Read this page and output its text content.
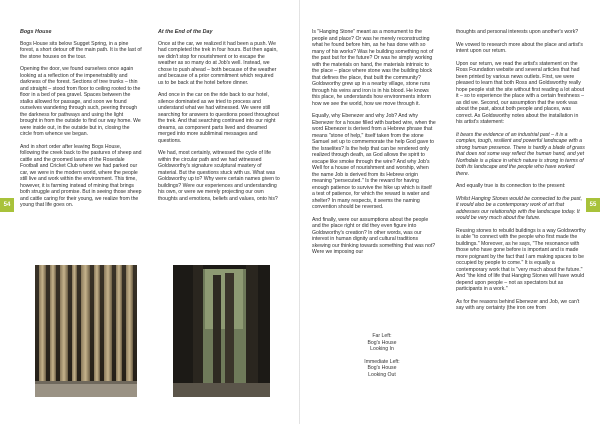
Bogs House

Bogs House sits below Sugget Spring, in a pine forest, a short detour off the main path. It is the last of the stone houses on the tour.

Opening the door, we found ourselves once again looking at a reflection of the impenetrability and darkness of the forest. Sections of tree trunks – thin and straight – stood from floor to ceiling rooted to the floor in a bed of pea gravel. Spaces between the stalks allowed for passage, and soon we found ourselves wandering through such, peering through the darkness for pathways and using the light brought in from the outside to find our way home. We were inside out, in the outside but in, closing the circle from whence we began.

And in short order after leaving Bogs House, following the creek back to the pastures of sheep and cattle and the groomed lawns of the Rosedale Football and Cricket Club where we had parked our car, we were in the modern world, where the people still live and work within the environment. This time, however, it is farming instead of mining that brings both struggle and promise. But in seeing those sheep and cattle caring for their young, we realize from the young that life goes on.

At the End of the Day

Once at the car, we realized it had been a push. We had completed the trek in four hours. But then again, we didn't stop for nourishment or to escape the weather as so many do at Job's well. Instead, we chose to push ahead – both because of the weather and because of a prior commitment which required us to be back at the hotel before dinner.

And once in the car on the ride back to our hotel, silence dominated as we tried to process and understand what we had witnessed. We were still searching for answers to questions posed throughout the trek. And that searching continued into our night dreams, as component parts lived and dreamed merged into more subliminal messages and questions.

We had, most certainly, witnessed the cycle of life within the circular path and we had witnessed Goldsworthy's signature sculptural mastery of material. But the questions stuck with us. What was Goldsworthy up to? Why were certain names given to buildings? Were our experiences and understanding his own, or were we merely projecting our own thoughts and emotions, beliefs and values, onto his?

54

Is "Hanging Stone" meant as a monument to the people and place? Or was he merely reconstructing what he found before him, as he has done with so many of his works? Was he building something not of the past but for the future? Or was he simply working with the materials on hand, the materials intrinsic to the place – place where stone was the building block that defines the place, that built the community? Goldsworthy grew up in a nearby village, stone runs through his veins and iron is in his blood. He knows this place, he understands how environments inform how we see the world, how we move through it.

Equally, why Ebenezer and why Job? And why Ebenezer for a house filled with barbed wire, when the word Ebenezer is derived from a Hebrew phrase that means "stone of help," itself taken from the stone Samuel set up to commemorate the help God gave to the Israelites? Is the help that can be rendered only realized through death, as God allows the spirit to escape like smoke through the wire? And why Job's Well for a house of nourishment and worship, when the name Job is derived from its Hebrew origin meaning "persecuted." Is the reward for having enough patience to survive the hike up which is itself a test of patience, for which the reward is water and shelter? In many respects, it seems the naming convention should be reversed.

And finally, were our assumptions about the people and the place right or did they even figure into Goldsworthy's creation? In other words, was our interest in human dignity and cultural traditions skewing our thinking towards something that was not? Were we imposing our

thoughts and personal interests upon another's work?

We vowed to research more about the place and artist's intent upon our return.

Upon our return, we read the artist's statement on the Ross Foundation website and several articles that had been printed by various news outlets. First, we were pleased to learn that both Ross and Goldsworthy really hope people visit the site without first reading a lot about it – so to experience the place with a certain freshness – as did we. Second, our assumption that the work was about the past, about both people and places, was correct. As Goldsworthy notes about the installation in his artist's statement:

It bears the evidence of an industrial past – it is a complex, tough, resilient and powerful landscape with a strong human presence. There is hardly a blade of grass that does not some way reflect the human hand, and yet Northdale is a place in which nature is strong in terms of both its landscape and the people who have worked there.

And equally true is its connection to the present:

Whilst Hanging Stones would be connected to the past, it would also be a contemporary work of art that addresses our relationship with the landscape today. It would be very much about the future.

Reusing stones to rebuild buildings is a way Goldsworthy is able "to connect with the people who first made the buildings." Moreover, as he says, "The resonance with those who have gone before is important and is made more poignant by the fact that I am making spaces to be occupied by people to come." It is equally a contemporary work that is "very much about the future." And "the kind of life that Hanging Stones will have would depend upon people – not as spectators but as participants in a work."

As for the reasons behind Ebenezer and Job, we can't say with any certainty (the iron ore from

Far Left:
Bog's House
Looking In

Immediate Left:
Bog's House
Looking Out

55
